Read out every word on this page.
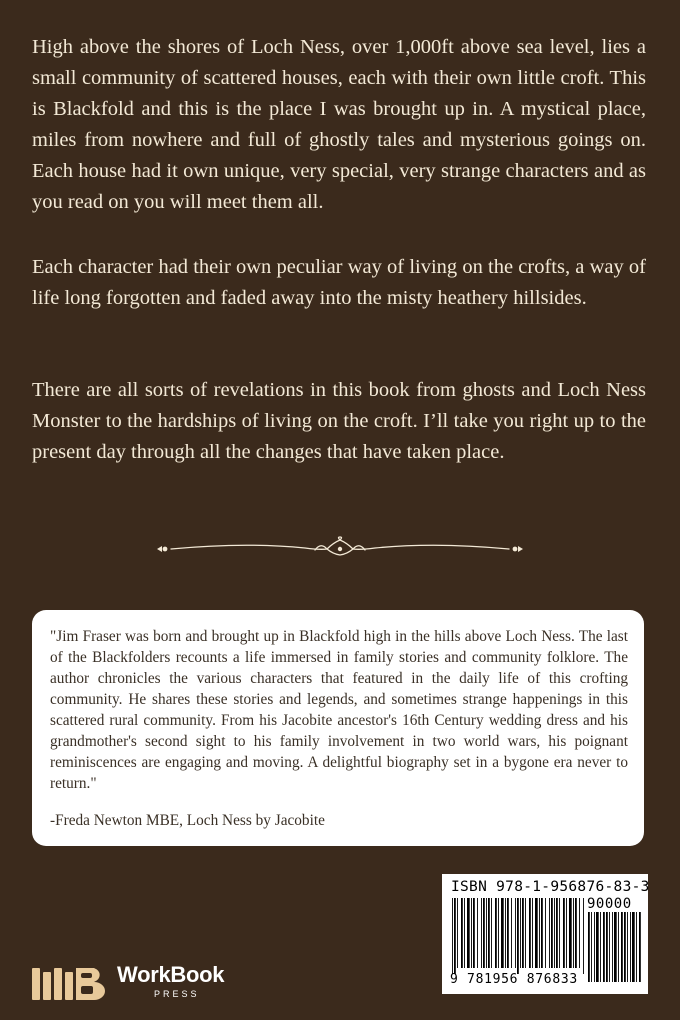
High above the shores of Loch Ness, over 1,000ft above sea level, lies a small community of scattered houses, each with their own little croft. This is Blackfold and this is the place I was brought up in. A mystical place, miles from nowhere and full of ghostly tales and mysterious goings on. Each house had it own unique, very special, very strange characters and as you read on you will meet them all.

Each character had their own peculiar way of living on the crofts, a way of life long forgotten and faded away into the misty heathery hillsides.

There are all sorts of revelations in this book from ghosts and Loch Ness Monster to the hardships of living on the croft. I’ll take you right up to the present day through all the changes that have taken place.

"Jim Fraser was born and brought up in Blackfold high in the hills above Loch Ness. The last of the Blackfolders recounts a life immersed in family stories and community folklore. The author chronicles the various characters that featured in the daily life of this crofting community. He shares these stories and legends, and sometimes strange happenings in this scattered rural community. From his Jacobite ancestor's 16th Century wedding dress and his grandmother's second sight to his family involvement in two world wars, his poignant reminiscences are engaging and moving. A delightful biography set in a bygone era never to return."

-Freda Newton MBE, Loch Ness by Jacobite

WorkBook
PRESS
ISBN 978-1-956876-83-3
90000
9 781956 876833
